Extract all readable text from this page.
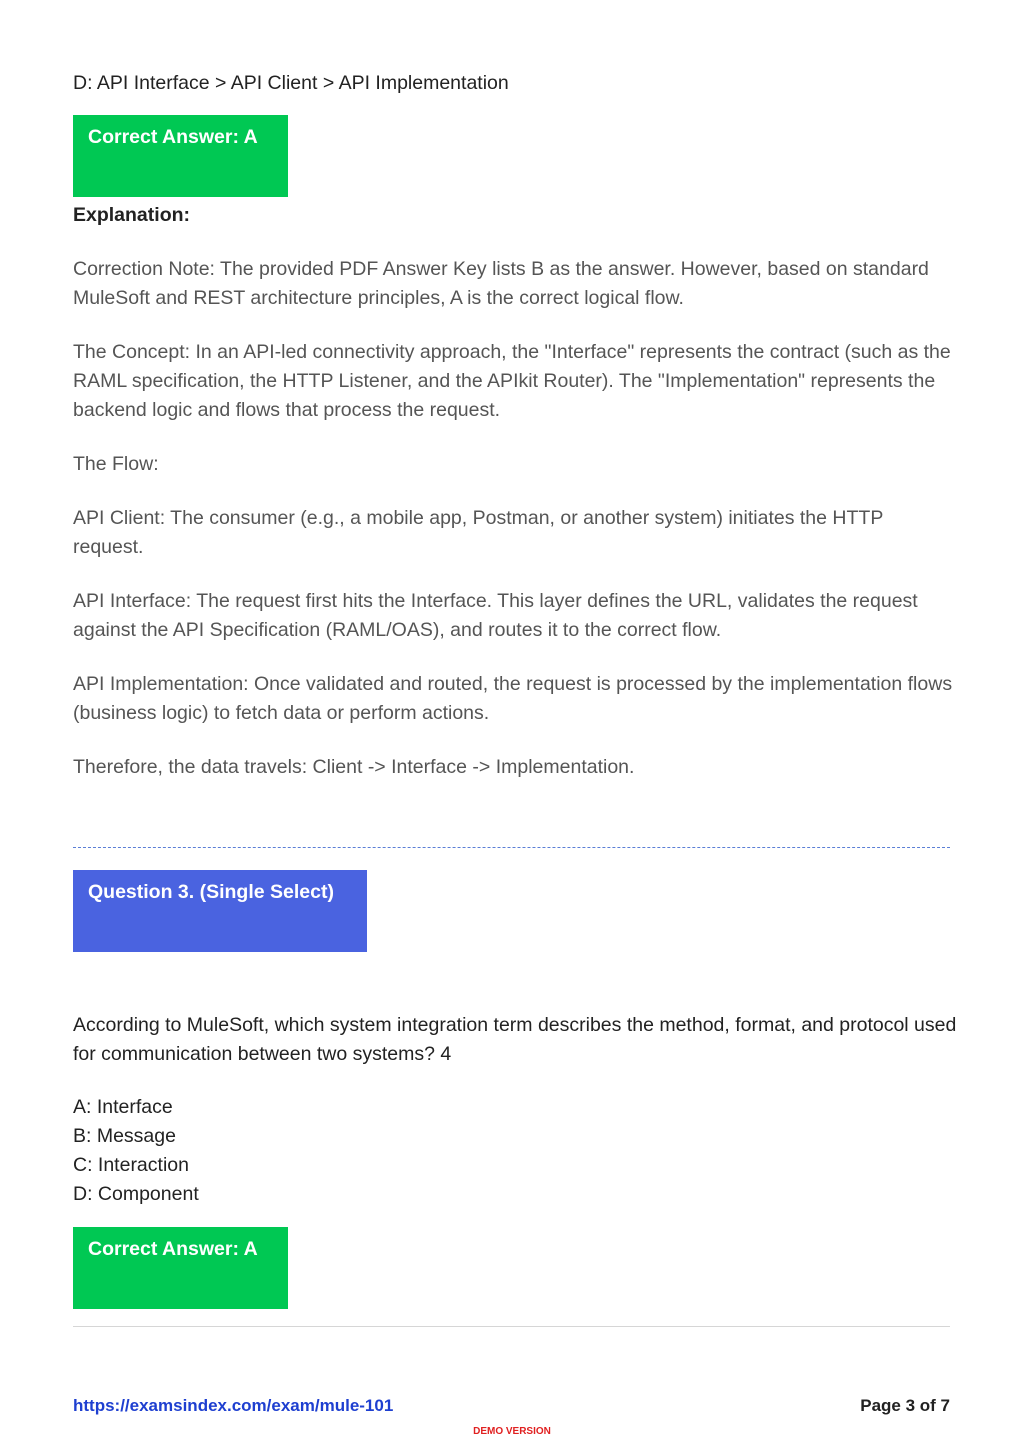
D: API Interface > API Client > API Implementation
Correct Answer: A
Explanation:
Correction Note: The provided PDF Answer Key lists B as the answer. However, based on standard MuleSoft and REST architecture principles, A is the correct logical flow.
The Concept: In an API-led connectivity approach, the "Interface" represents the contract (such as the RAML specification, the HTTP Listener, and the APIkit Router). The "Implementation" represents the backend logic and flows that process the request.
The Flow:
API Client: The consumer (e.g., a mobile app, Postman, or another system) initiates the HTTP request.
API Interface: The request first hits the Interface. This layer defines the URL, validates the request against the API Specification (RAML/OAS), and routes it to the correct flow.
API Implementation: Once validated and routed, the request is processed by the implementation flows (business logic) to fetch data or perform actions.
Therefore, the data travels: Client -> Interface -> Implementation.
Question 3. (Single Select)
According to MuleSoft, which system integration term describes the method, format, and protocol used for communication between two systems? 4
A: Interface
B: Message
C: Interaction
D: Component
Correct Answer: A
https://examsindex.com/exam/mule-101	Page 3 of 7
DEMO VERSION
